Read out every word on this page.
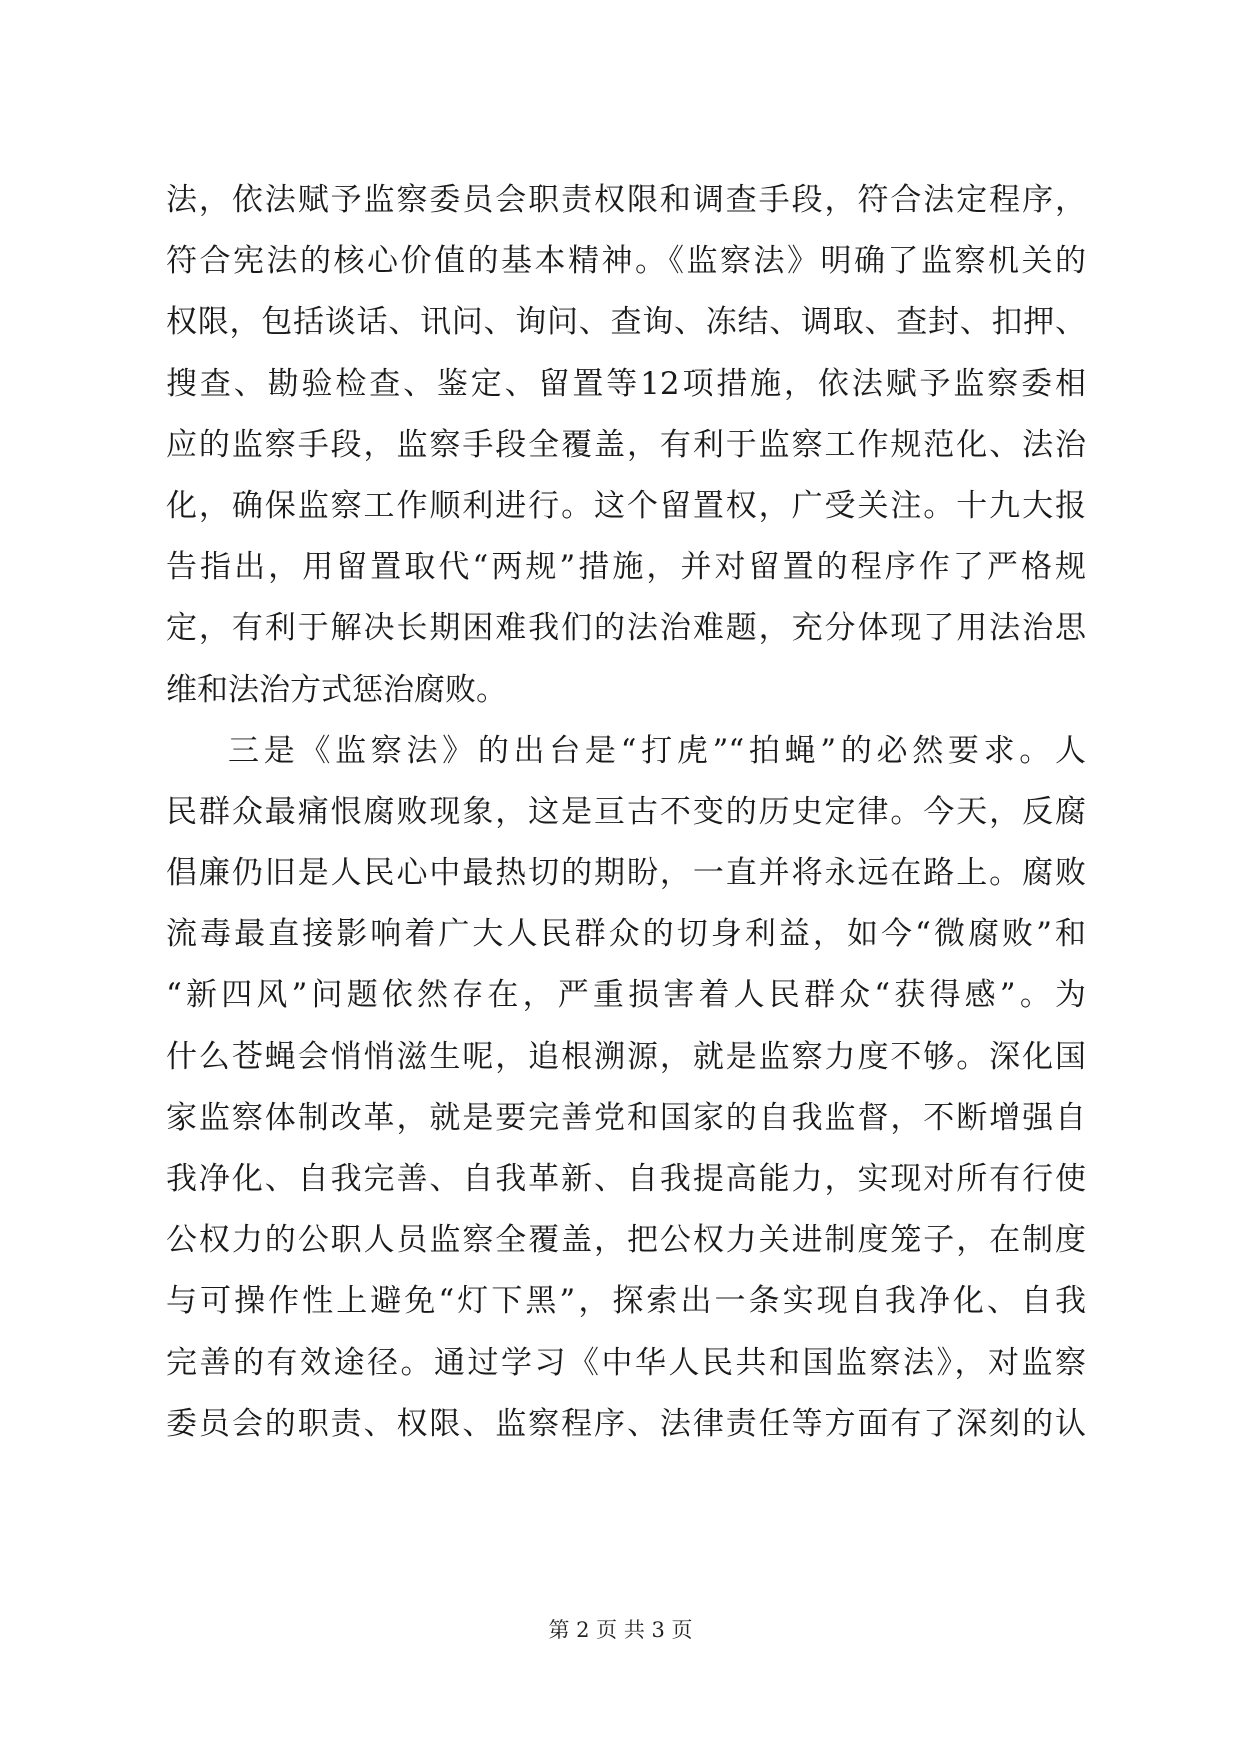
法，依法赋予监察委员会职责权限和调查手段，符合法定程序，
符合宪法的核心价值的基本精神。《监察法》明确了监察机关的
权限，包括谈话、讯问、询问、查询、冻结、调取、查封、扣押、
搜查、勘验检查、鉴定、留置等12项措施，依法赋予监察委相
应的监察手段，监察手段全覆盖，有利于监察工作规范化、法治
化，确保监察工作顺利进行。这个留置权，广受关注。十九大报
告指出，用留置取代“两规”措施，并对留置的程序作了严格规
定，有利于解决长期困难我们的法治难题，充分体现了用法治思
维和法治方式惩治腐败。
三是《监察法》的出台是“打虎”“拍蝇”的必然要求。人
民群众最痛恨腐败现象，这是亘古不变的历史定律。今天，反腐
倡廉仍旧是人民心中最热切的期盼，一直并将永远在路上。腐败
流毒最直接影响着广大人民群众的切身利益，如今“微腐败”和
“新四风”问题依然存在，严重损害着人民群众“获得感”。为
什么苍蝇会悄悄滋生呢，追根溯源，就是监察力度不够。深化国
家监察体制改革，就是要完善党和国家的自我监督，不断增强自
我净化、自我完善、自我革新、自我提高能力，实现对所有行使
公权力的公职人员监察全覆盖，把公权力关进制度笼子，在制度
与可操作性上避免“灯下黑”，探索出一条实现自我净化、自我
完善的有效途径。通过学习《中华人民共和国监察法》，对监察
委员会的职责、权限、监察程序、法律责任等方面有了深刻的认
第 2 页 共 3 页
